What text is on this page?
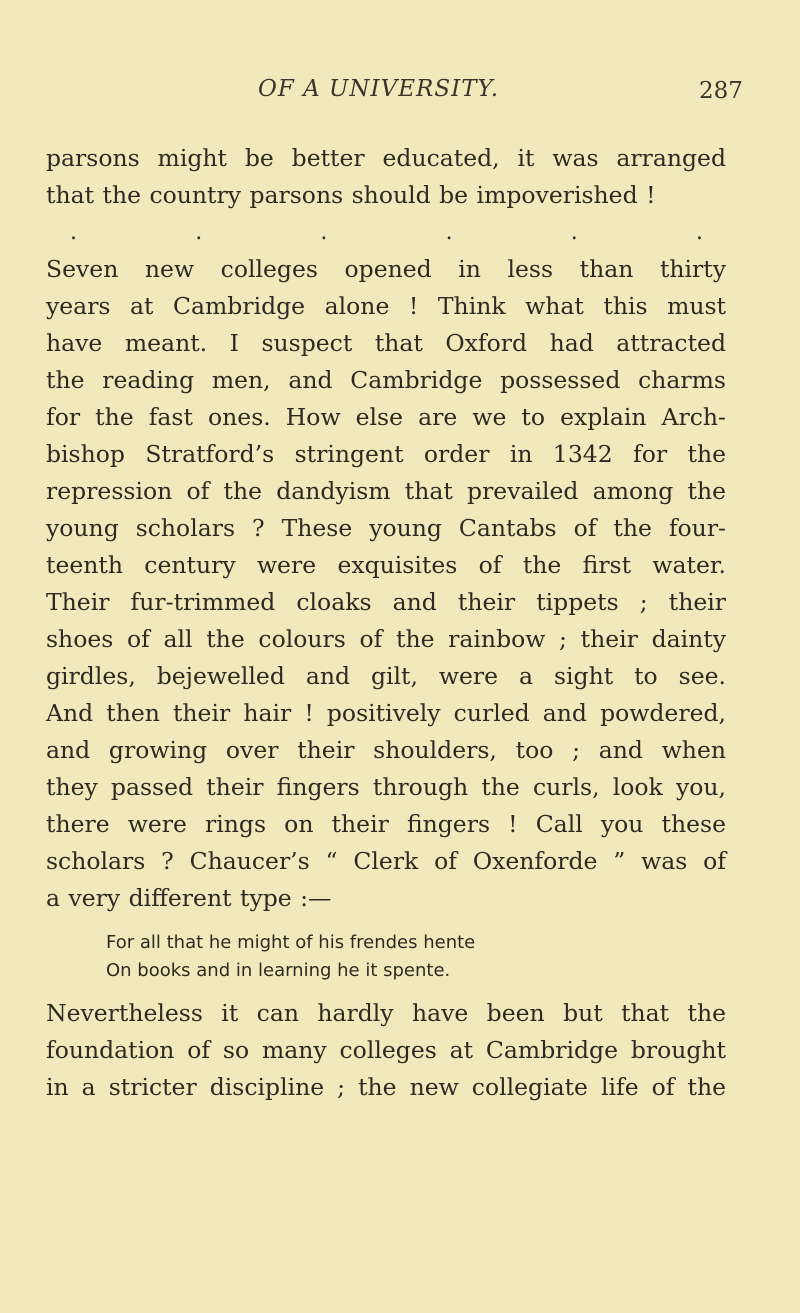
OF A UNIVERSITY.	287
parsons might be better educated, it was arranged
that the country parsons should be impoverished !
.	.	.	.	.	.
Seven new colleges opened in less than thirty
years at Cambridge alone ! Think what this must
have meant. I suspect that Oxford had attracted
the reading men, and Cambridge possessed charms
for the fast ones. How else are we to explain Arch-
bishop Stratford’s stringent order in 1342 for the
repression of the dandyism that prevailed among the
young scholars ? These young Cantabs of the four-
teenth century were exquisites of the first water.
Their fur-trimmed cloaks and their tippets ; their
shoes of all the colours of the rainbow ; their dainty
girdles, bejewelled and gilt, were a sight to see.
And then their hair ! positively curled and powdered,
and growing over their shoulders, too ; and when
they passed their fingers through the curls, look you,
there were rings on their fingers ! Call you these
scholars ? Chaucer’s “ Clerk of Oxenforde ” was of
a very different type :—
For all that he might of his frendes hente
On books and in learning he it spente.
Nevertheless it can hardly have been but that the
foundation of so many colleges at Cambridge brought
in a stricter discipline ; the new collegiate life of the
